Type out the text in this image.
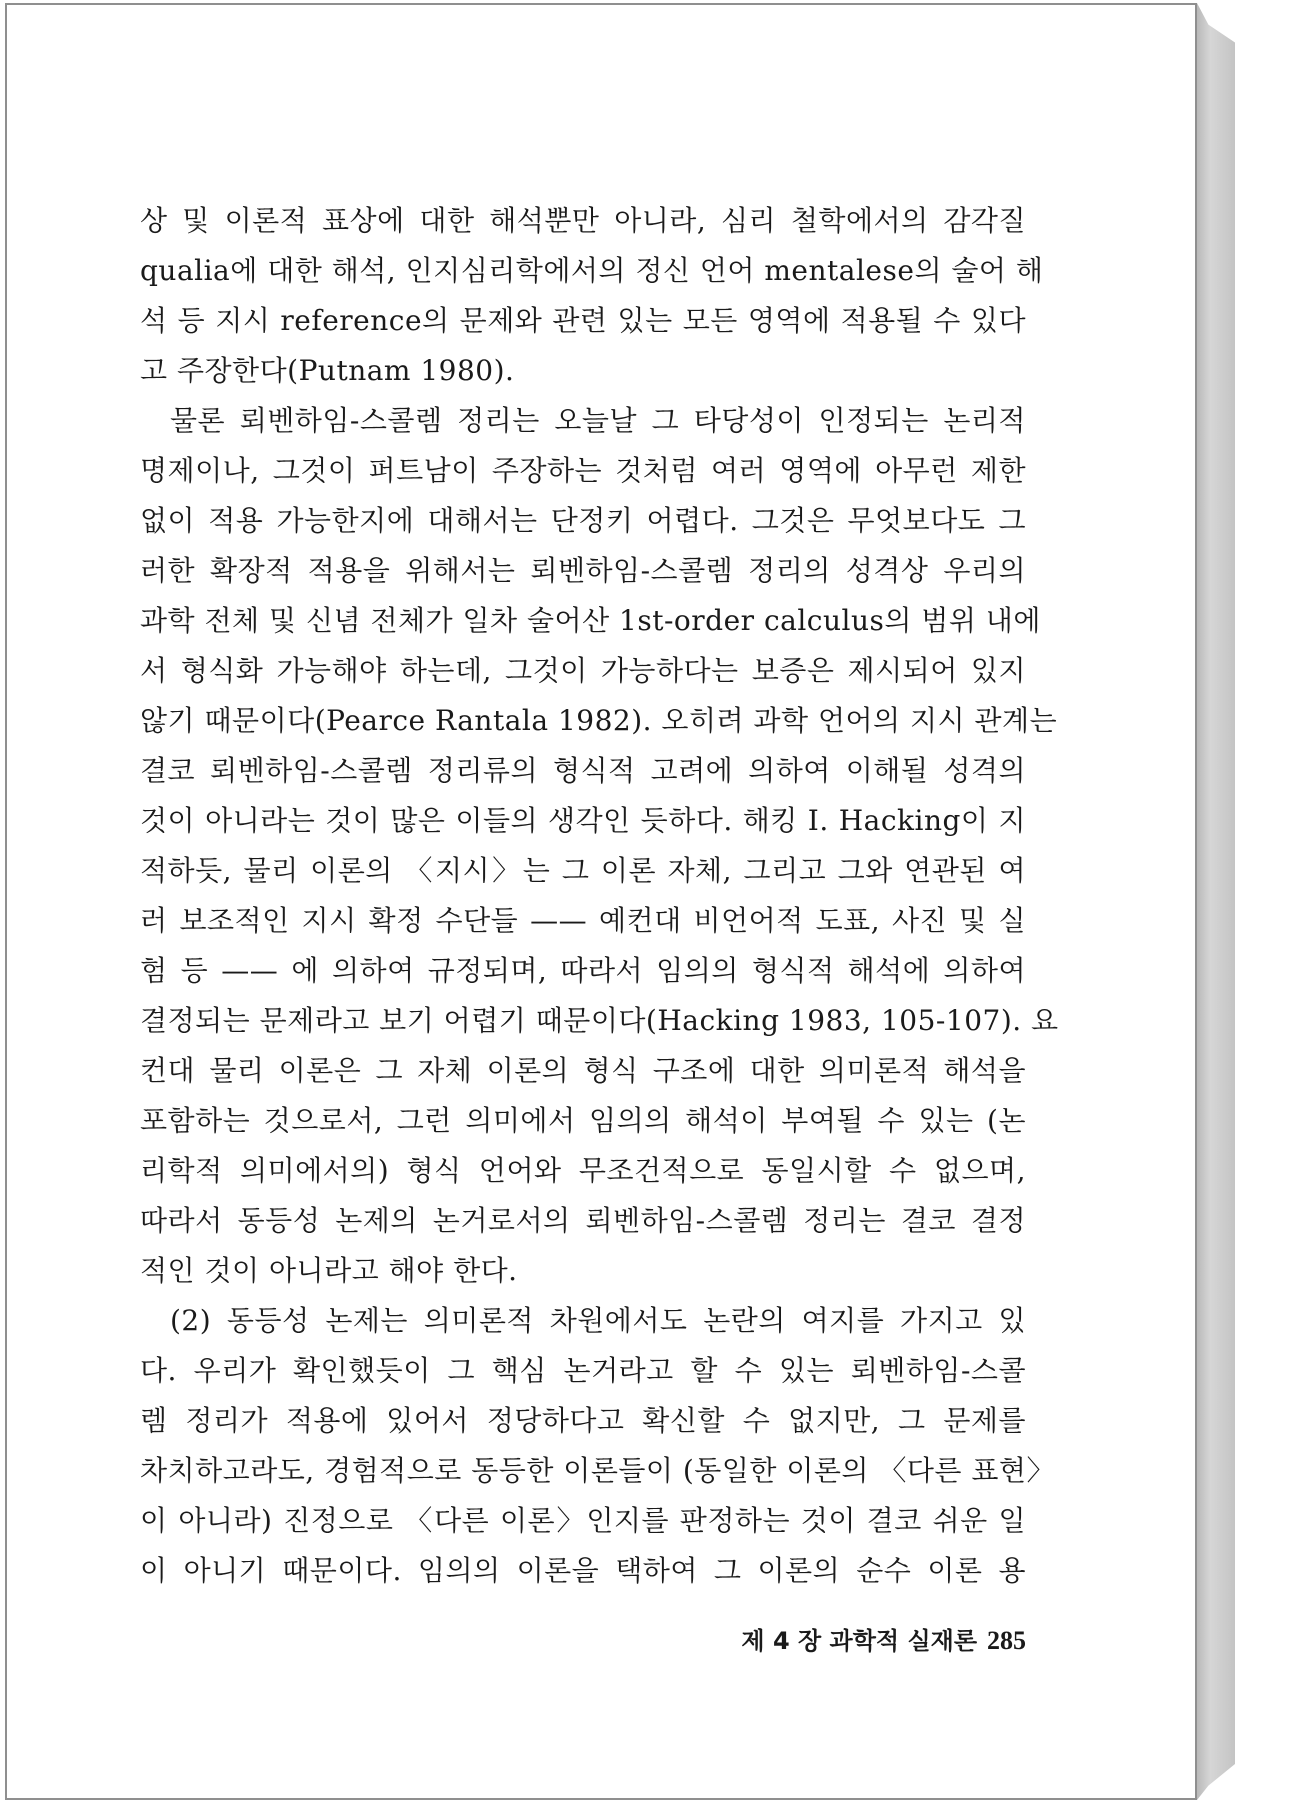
상 및 이론적 표상에 대한 해석뿐만 아니라, 심리 철학에서의 감각질
qualia에 대한 해석, 인지심리학에서의 정신 언어 mentalese의 술어 해
석 등 지시 reference의 문제와 관련 있는 모든 영역에 적용될 수 있다
고 주장한다(Putnam 1980).
물론 뢰벤하임-스콜렘 정리는 오늘날 그 타당성이 인정되는 논리적
명제이나, 그것이 퍼트남이 주장하는 것처럼 여러 영역에 아무런 제한
없이 적용 가능한지에 대해서는 단정키 어렵다. 그것은 무엇보다도 그
러한 확장적 적용을 위해서는 뢰벤하임-스콜렘 정리의 성격상 우리의
과학 전체 및 신념 전체가 일차 술어산 1st-order calculus의 범위 내에
서 형식화 가능해야 하는데, 그것이 가능하다는 보증은 제시되어 있지
않기 때문이다(Pearce Rantala 1982). 오히려 과학 언어의 지시 관계는
결코 뢰벤하임-스콜렘 정리류의 형식적 고려에 의하여 이해될 성격의
것이 아니라는 것이 많은 이들의 생각인 듯하다. 해킹 I. Hacking이 지
적하듯, 물리 이론의 〈지시〉는 그 이론 자체, 그리고 그와 연관된 여
러 보조적인 지시 확정 수단들 —— 예컨대 비언어적 도표, 사진 및 실
험 등 —— 에 의하여 규정되며, 따라서 임의의 형식적 해석에 의하여
결정되는 문제라고 보기 어렵기 때문이다(Hacking 1983, 105-107). 요
컨대 물리 이론은 그 자체 이론의 형식 구조에 대한 의미론적 해석을
포함하는 것으로서, 그런 의미에서 임의의 해석이 부여될 수 있는 (논
리학적 의미에서의) 형식 언어와 무조건적으로 동일시할 수 없으며,
따라서 동등성 논제의 논거로서의 뢰벤하임-스콜렘 정리는 결코 결정
적인 것이 아니라고 해야 한다.
(2) 동등성 논제는 의미론적 차원에서도 논란의 여지를 가지고 있
다. 우리가 확인했듯이 그 핵심 논거라고 할 수 있는 뢰벤하임-스콜
렘 정리가 적용에 있어서 정당하다고 확신할 수 없지만, 그 문제를
차치하고라도, 경험적으로 동등한 이론들이 (동일한 이론의 〈다른 표현〉
이 아니라) 진정으로 〈다른 이론〉인지를 판정하는 것이 결코 쉬운 일
이 아니기 때문이다. 임의의 이론을 택하여 그 이론의 순수 이론 용
제 4 장 과학적 실재론 285
